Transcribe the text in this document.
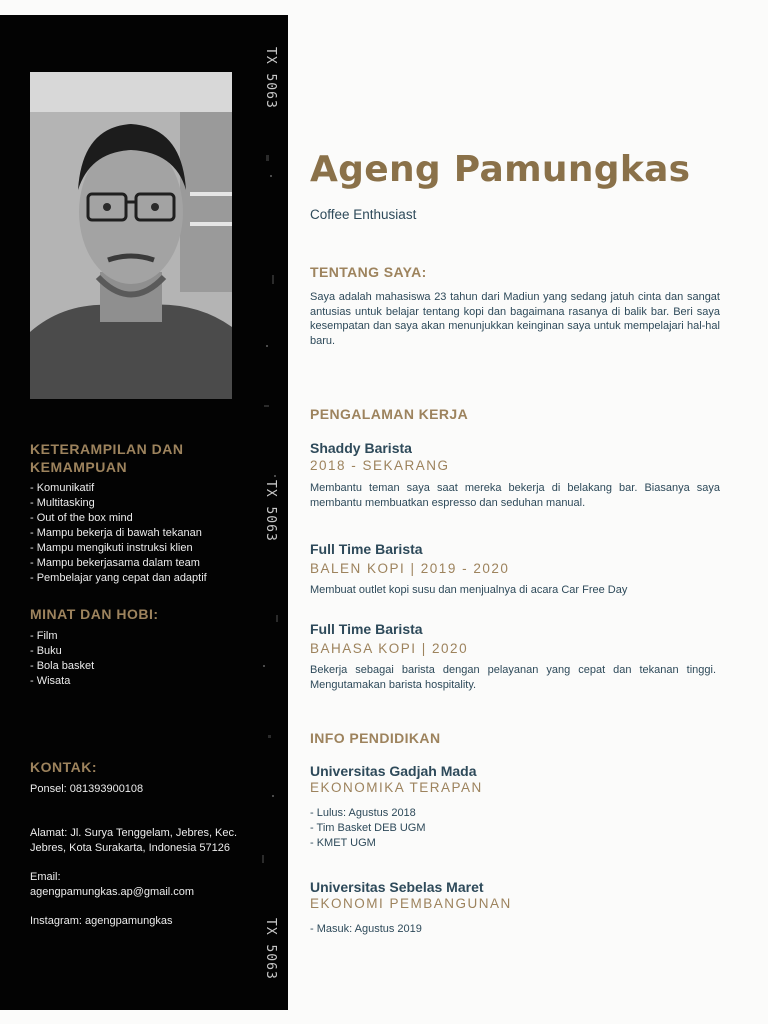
TX 5063
TX 5063
TX 5063
KETERAMPILAN DAN
KEMAMPUAN
- Komunikatif
- Multitasking
- Out of the box mind
- Mampu bekerja di bawah tekanan
- Mampu mengikuti instruksi klien
- Mampu bekerjasama dalam team
- Pembelajar yang cepat dan adaptif
MINAT DAN HOBI:
- Film
- Buku
- Bola basket
- Wisata
KONTAK:
Ponsel: 081393900108
Alamat: Jl. Surya Tenggelam, Jebres, Kec. Jebres, Kota Surakarta, Indonesia 57126
Email:
agengpamungkas.ap@gmail.com
Instagram: agengpamungkas
Ageng Pamungkas
Coffee Enthusiast
TENTANG SAYA:
Saya adalah mahasiswa 23 tahun dari Madiun yang sedang jatuh cinta dan sangat antusias untuk belajar tentang kopi dan bagaimana rasanya di balik bar. Beri saya kesempatan dan saya akan menunjukkan keinginan saya untuk mempelajari hal-hal baru.
PENGALAMAN KERJA
Shaddy Barista
2018 - SEKARANG
Membantu teman saya saat mereka bekerja di belakang bar. Biasanya saya membantu membuatkan espresso dan seduhan manual.
Full Time Barista
BALEN KOPI | 2019 - 2020
Membuat outlet kopi susu dan menjualnya di acara Car Free Day
Full Time Barista
BAHASA KOPI | 2020
Bekerja sebagai barista dengan pelayanan yang cepat dan tekanan tinggi. Mengutamakan barista hospitality.
INFO PENDIDIKAN
Universitas Gadjah Mada
EKONOMIKA TERAPAN
- Lulus: Agustus 2018
- Tim Basket DEB UGM
- KMET UGM
Universitas Sebelas Maret
EKONOMI PEMBANGUNAN
- Masuk: Agustus 2019
